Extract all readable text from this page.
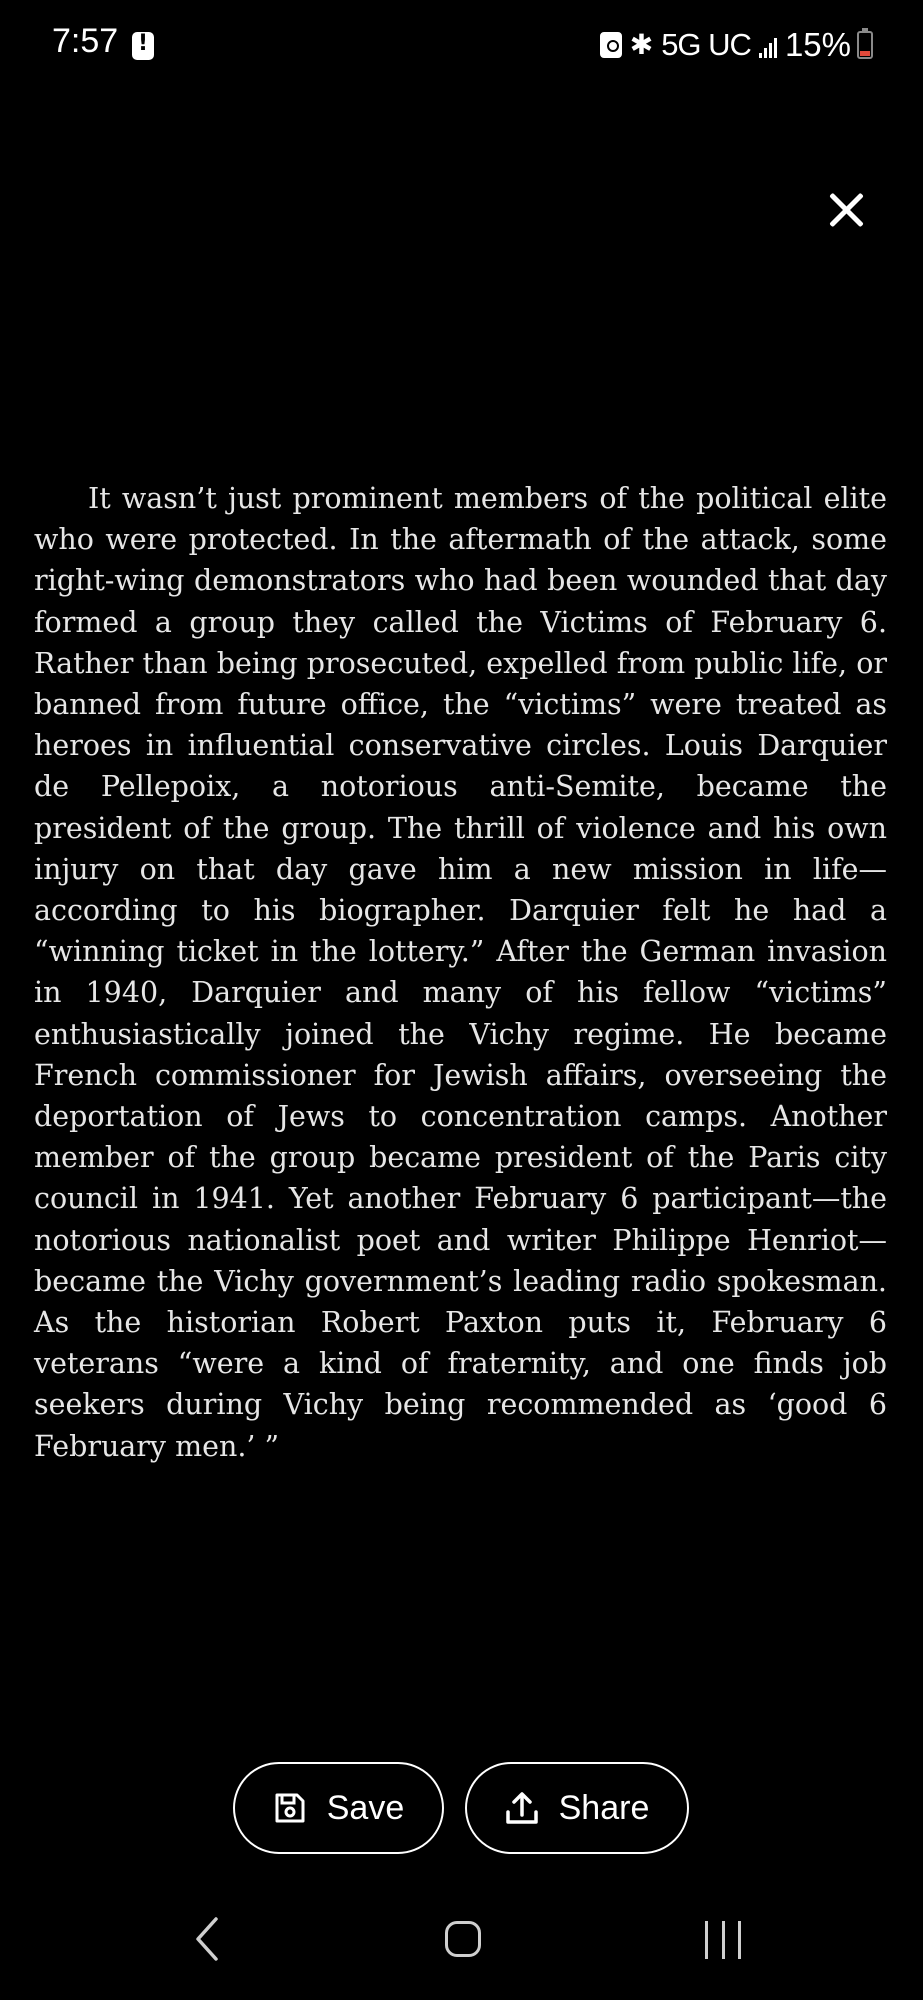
7:57
!	✱ 5G UC 15%

It wasn’t just prominent members of the political elite who were protected. In the aftermath of the attack, some right-wing demonstrators who had been wounded that day formed a group they called the Victims of February 6. Rather than being prosecuted, expelled from public life, or banned from future office, the “victims” were treated as heroes in influential conservative circles. Louis Darquier de Pellepoix, a notorious anti-Semite, became the president of the group. The thrill of violence and his own injury on that day gave him a new mission in life—according to his biographer. Darquier felt he had a “winning ticket in the lottery.” After the German invasion in 1940, Darquier and many of his fellow “victims” enthusiastically joined the Vichy regime. He became French commissioner for Jewish affairs, overseeing the deportation of Jews to concentration camps. Another member of the group became president of the Paris city council in 1941. Yet another February 6 participant—the notorious nationalist poet and writer Philippe Henriot—became the Vichy government’s leading radio spokesman. As the historian Robert Paxton puts it, February 6 veterans “were a kind of fraternity, and one finds job seekers during Vichy being recommended as ‘good 6 February men.’ ”

Save	Share
